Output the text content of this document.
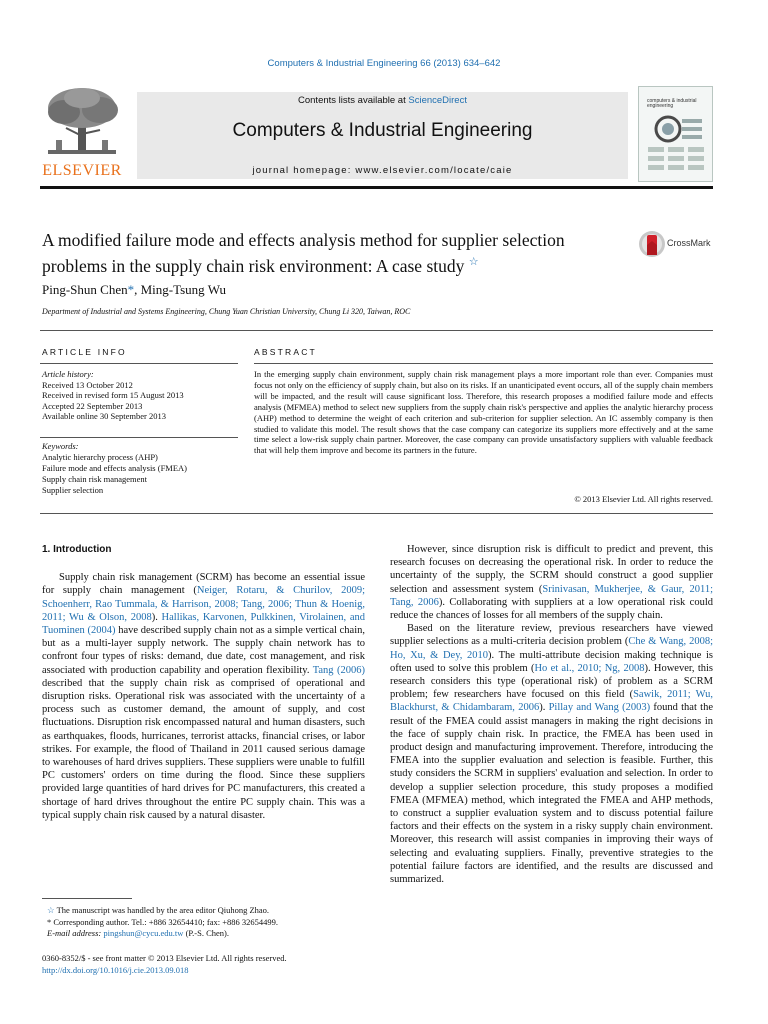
Computers & Industrial Engineering 66 (2013) 634–642
ELSEVIER
Contents lists available at ScienceDirect
Computers & Industrial Engineering
journal homepage: www.elsevier.com/locate/caie
computers & industrial engineering
A modified failure mode and effects analysis method for supplier selection problems in the supply chain risk environment: A case study ☆
CrossMark
Ping-Shun Chen*, Ming-Tsung Wu
Department of Industrial and Systems Engineering, Chung Yuan Christian University, Chung Li 320, Taiwan, ROC
ARTICLE INFO	ABSTRACT
Article history:
Received 13 October 2012
Received in revised form 15 August 2013
Accepted 22 September 2013
Available online 30 September 2013
Keywords:
Analytic hierarchy process (AHP)
Failure mode and effects analysis (FMEA)
Supply chain risk management
Supplier selection
In the emerging supply chain environment, supply chain risk management plays a more important role than ever. Companies must focus not only on the efficiency of supply chain, but also on its risks. If an unanticipated event occurs, all of the supply chain members will be impacted, and the result will cause significant loss. Therefore, this research proposes a modified failure mode and effects analysis (MFMEA) method to select new suppliers from the supply chain risk's perspective and applies the analytic hierarchy process (AHP) method to determine the weight of each criterion and sub-criterion for supplier selection. An IC assembly company is then studied to validate this model. The result shows that the case company can categorize its suppliers more effectively and at the same time select a low-risk supply chain partner. Moreover, the case company can provide unsatisfactory suppliers with valuable feedback that will help them improve and become its partners in the future.
© 2013 Elsevier Ltd. All rights reserved.
1. Introduction

Supply chain risk management (SCRM) has become an essential issue for supply chain management (Neiger, Rotaru, & Churilov, 2009; Schoenherr, Rao Tummala, & Harrison, 2008; Tang, 2006; Thun & Hoenig, 2011; Wu & Olson, 2008). Hallikas, Karvonen, Pulkkinen, Virolainen, and Tuominen (2004) have described supply chain not as a simple vertical chain, but as a multi-layer supply network. The supply chain network has to confront four types of risks: demand, due date, cost management, and risk associated with production capability and operation flexibility. Tang (2006) described that the supply chain risk as comprised of operational and disruption risks. Operational risk was associated with the uncertainty of a process such as customer demand, the amount of supply, and cost fluctuations. Disruption risk encompassed natural and human disasters, such as earthquakes, floods, hurricanes, terrorist attacks, financial crises, or labor strikes. For example, the flood of Thailand in 2011 caused serious damage to warehouses of hard drives suppliers. These suppliers were unable to fulfill PC customers' orders on time during the flood. Since these suppliers provided large quantities of hard drives for PC manufacturers, this created a shortage of hard drives throughout the entire PC supply chain. This was a typical supply chain risk caused by a natural disaster.

However, since disruption risk is difficult to predict and prevent, this research focuses on decreasing the operational risk. In order to reduce the uncertainty of the supply, the SCRM should construct a good supplier selection and assessment system (Srinivasan, Mukherjee, & Gaur, 2011; Tang, 2006). Collaborating with suppliers at a low operational risk could reduce the chances of losses for all members of the supply chain.

Based on the literature review, previous researchers have viewed supplier selections as a multi-criteria decision problem (Che & Wang, 2008; Ho, Xu, & Dey, 2010). The multi-attribute decision making technique is often used to solve this problem (Ho et al., 2010; Ng, 2008). However, this research considers this type (operational risk) of problem as a SCRM problem; few researchers have focused on this field (Sawik, 2011; Wu, Blackhurst, & Chidambaram, 2006). Pillay and Wang (2003) found that the result of the FMEA could assist managers in making the right decisions in the face of supply chain risk. In practice, the FMEA has been used in product design and manufacturing improvement. Therefore, introducing the FMEA into the supplier evaluation and selection is feasible. Further, this study considers the SCRM in suppliers' evaluation and selection. In order to develop a supplier selection procedure, this study proposes a modified FMEA (MFMEA) method, which integrated the FMEA and AHP methods, to construct a supplier evaluation system and to discuss potential failure factors and their effects on the system in a risky supply chain environment. Moreover, this research will assist companies in improving their ways of selecting and evaluating suppliers. Finally, preventive strategies to the potential failure factors are identified, and the results are discussed and summarized.

☆ The manuscript was handled by the area editor Qiuhong Zhao.
* Corresponding author. Tel.: +886 32654410; fax: +886 32654499.
E-mail address: pingshun@cycu.edu.tw (P.-S. Chen).
0360-8352/$ - see front matter © 2013 Elsevier Ltd. All rights reserved.
http://dx.doi.org/10.1016/j.cie.2013.09.018
